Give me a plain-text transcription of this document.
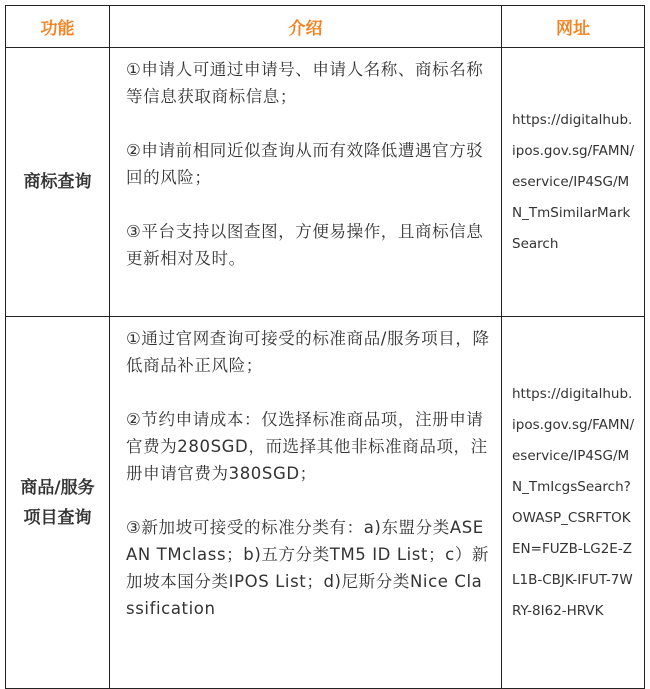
功能	介绍	网址
商标查询	①申请人可通过申请号、申请人名称、商标名称等信息获取商标信息；

②申请前相同近似查询从而有效降低遭遇官方驳回的风险；

③平台支持以图查图，方便易操作，且商标信息更新相对及时。	https://digitalhub.ipos.gov.sg/FAMN/eservice/IP4SG/MN_TmSimilarMarkSearch
商品/服务项目查询	①通过官网查询可接受的标准商品/服务项目，降低商品补正风险；

②节约申请成本：仅选择标准商品项，注册申请官费为280SGD，而选择其他非标准商品项，注册申请官费为380SGD；

③新加坡可接受的标准分类有：a)东盟分类ASEAN TMclass；b)五方分类TM5 ID List；c）新加坡本国分类IPOS List；d)尼斯分类Nice Classification	https://digitalhub.ipos.gov.sg/FAMN/eservice/IP4SG/MN_TmIcgsSearch?OWASP_CSRFTOKEN=FUZB-LG2E-ZL1B-CBJK-IFUT-7WRY-8I62-HRVK
